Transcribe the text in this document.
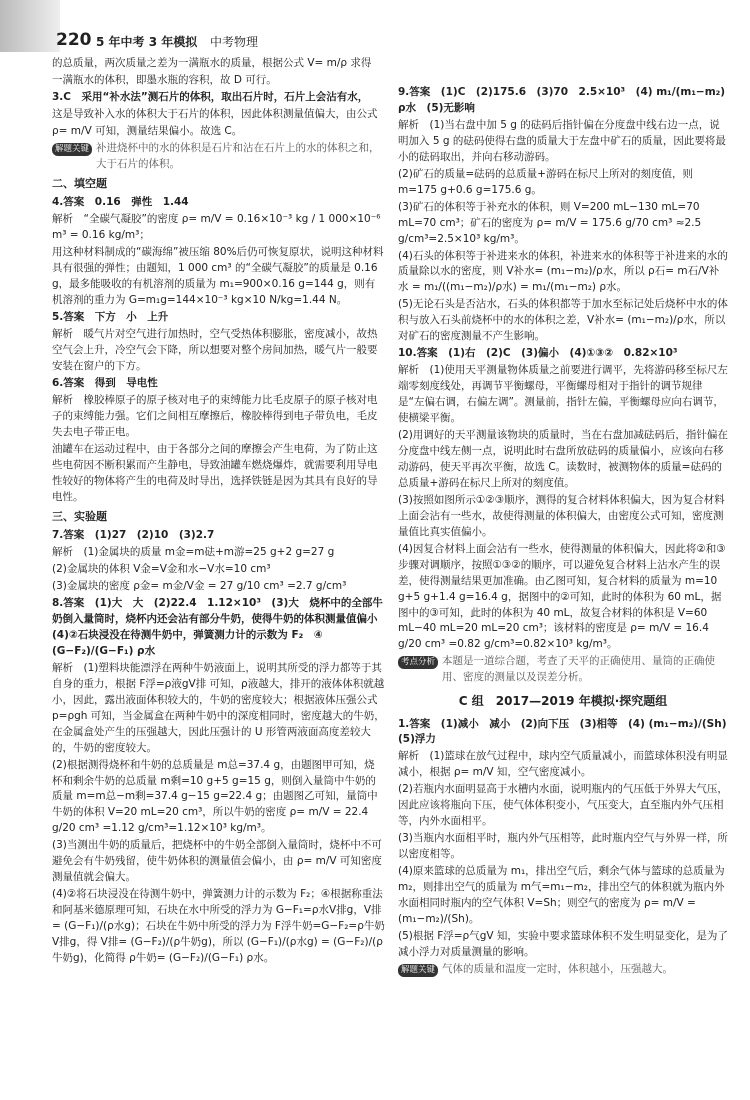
220 5 年中考 3 年模拟 中考物理

的总质量，两次质量之差为一满瓶水的质量，根据公式 V= m/ρ 求得

一满瓶水的体积，即墨水瓶的容积，故 D 可行。

3.C　采用“补水法”测石片的体积，取出石片时，石片上会沾有水，

这是导致补入水的体积大于石片的体积，因此体积测量值偏大，由公式

ρ= m/V 可知，测量结果偏小。故选 C。

解题关键 补进烧杯中的水的体积是石片和沾在石片上的水的体积之和，大于石片的体积。

二、填空题

4.答案　0.16　弹性　1.44

解析　“全碳气凝胶”的密度 ρ= m/V = 0.16×10⁻³ kg / 1 000×10⁻⁶ m³ = 0.16 kg/m³；

用这种材料制成的“碳海绵”被压缩 80%后仍可恢复原状，说明这种材料具有很强的弹性；由题知，1 000 cm³ 的“全碳气凝胶”的质量是 0.16 g，最多能吸收的有机溶剂的质量为 m₁=900×0.16 g=144 g，则有机溶剂的重力为 G=m₁g=144×10⁻³ kg×10 N/kg=1.44 N。

5.答案　下方　小　上升

解析　暖气片对空气进行加热时，空气受热体积膨胀，密度减小，故热空气会上升，冷空气会下降，所以想要对整个房间加热，暖气片一般要安装在窗户的下方。

6.答案　得到　导电性

解析　橡胶棒原子的原子核对电子的束缚能力比毛皮原子的原子核对电子的束缚能力强。它们之间相互摩擦后，橡胶棒得到电子带负电，毛皮失去电子带正电。

油罐车在运动过程中，由于各部分之间的摩擦会产生电荷，为了防止这些电荷因不断积累而产生静电，导致油罐车燃烧爆炸，就需要利用导电性较好的物体将产生的电荷及时导出，选择铁链是因为其具有良好的导电性。

三、实验题

7.答案　(1)27　(2)10　(3)2.7

解析　(1)金属块的质量 m金=m砝+m游=25 g+2 g=27 g

(2)金属块的体积 V金=V金和水−V水=10 cm³

(3)金属块的密度 ρ金= m金/V金 = 27 g/10 cm³ =2.7 g/cm³

8.答案　(1)大　大　(2)22.4　1.12×10³　(3)大　烧杯中的全部牛奶倒入量筒时，烧杯内还会沾有部分牛奶，使得牛奶的体积测量值偏小　(4)②石块浸没在待测牛奶中，弹簧测力计的示数为 F₂　④ (G−F₂)/(G−F₁) ρ水

解析　(1)塑料块能漂浮在两种牛奶液面上，说明其所受的浮力都等于其自身的重力，根据 F浮=ρ液gV排 可知，ρ液越大，排开的液体体积就越小，因此，露出液面体积较大的，牛奶的密度较大；根据液体压强公式 p=ρgh 可知，当金属盒在两种牛奶中的深度相同时，密度越大的牛奶，在金属盒处产生的压强越大，因此压强计的 U 形管两液面高度差较大的，牛奶的密度较大。

(2)根据测得烧杯和牛奶的总质量是 m总=37.4 g，由题图甲可知，烧杯和剩余牛奶的总质量 m剩=10 g+5 g=15 g，则倒入量筒中牛奶的质量 m=m总−m剩=37.4 g−15 g=22.4 g；由题图乙可知，量筒中牛奶的体积 V=20 mL=20 cm³，所以牛奶的密度 ρ= m/V = 22.4 g/20 cm³ =1.12 g/cm³=1.12×10³ kg/m³。

(3)当测出牛奶的质量后，把烧杯中的牛奶全部倒入量筒时，烧杯中不可避免会有牛奶残留，使牛奶体积的测量值会偏小，由 ρ= m/V 可知密度测量值就会偏大。

(4)②将石块浸没在待测牛奶中，弹簧测力计的示数为 F₂；④根据称重法和阿基米德原理可知，石块在水中所受的浮力为 G−F₁=ρ水V排g，V排= (G−F₁)/(ρ水g)；石块在牛奶中所受的浮力为 F浮牛奶=G−F₂=ρ牛奶V排g，得 V排= (G−F₂)/(ρ牛奶g)，所以 (G−F₁)/(ρ水g) = (G−F₂)/(ρ牛奶g)，化简得 ρ牛奶= (G−F₂)/(G−F₁) ρ水。

9.答案　(1)C　(2)175.6　(3)70　2.5×10³　(4) m₁/(m₁−m₂) ρ水　(5)无影响

解析　(1)当右盘中加 5 g 的砝码后指针偏在分度盘中线右边一点，说明加入 5 g 的砝码使得右盘的质量大于左盘中矿石的质量，因此要将最小的砝码取出，并向右移动游码。

(2)矿石的质量=砝码的总质量+游码在标尺上所对的刻度值，则 m=175 g+0.6 g=175.6 g。

(3)矿石的体积等于补充水的体积，则 V=200 mL−130 mL=70 mL=70 cm³；矿石的密度为 ρ= m/V = 175.6 g/70 cm³ ≈2.5 g/cm³=2.5×10³ kg/m³。

(4)石头的体积等于补进来水的体积，补进来水的体积等于补进来的水的质量除以水的密度，则 V补水= (m₁−m₂)/ρ水，所以 ρ石= m石/V补水 = m₁/((m₁−m₂)/ρ水) = m₁/(m₁−m₂) ρ水。

(5)无论石头是否沾水，石头的体积都等于加水至标记处后烧杯中水的体积与放入石头前烧杯中的水的体积之差，V补水= (m₁−m₂)/ρ水，所以对矿石的密度测量不产生影响。

10.答案　(1)右　(2)C　(3)偏小　(4)①③②　0.82×10³

解析　(1)使用天平测量物体质量之前要进行调平，先将游码移至标尺左端零刻度线处，再调节平衡螺母，平衡螺母相对于指针的调节规律是“左偏右调，右偏左调”。测量前，指针左偏，平衡螺母应向右调节，使横梁平衡。

(2)用调好的天平测量该物块的质量时，当在右盘加减砝码后，指针偏在分度盘中线左侧一点，说明此时右盘所放砝码的质量偏小，应该向右移动游码，使天平再次平衡，故选 C。读数时，被测物体的质量=砝码的总质量+游码在标尺上所对的刻度值。

(3)按照如图所示①②③顺序，测得的复合材料体积偏大，因为复合材料上面会沾有一些水，故使得测量的体积偏大，由密度公式可知，密度测量值比真实值偏小。

(4)因复合材料上面会沾有一些水，使得测量的体积偏大，因此将②和③步骤对调顺序，按照①③②的顺序，可以避免复合材料上沾水产生的误差，使得测量结果更加准确。由乙图可知，复合材料的质量为 m=10 g+5 g+1.4 g=16.4 g，据图中的②可知，此时的体积为 60 mL，据图中的③可知，此时的体积为 40 mL，故复合材料的体积是 V=60 mL−40 mL=20 mL=20 cm³；该材料的密度是 ρ= m/V = 16.4 g/20 cm³ =0.82 g/cm³=0.82×10³ kg/m³。

考点分析 本题是一道综合题，考查了天平的正确使用、量筒的正确使用、密度的测量以及误差分析。

C 组　2017—2019 年模拟·探究题组

1.答案　(1)减小　减小　(2)向下压　(3)相等　(4) (m₁−m₂)/(Sh)　(5)浮力

解析　(1)篮球在放气过程中，球内空气质量减小，而篮球体积没有明显减小，根据 ρ= m/V 知，空气密度减小。

(2)若瓶内水面明显高于水槽内水面，说明瓶内的气压低于外界大气压，因此应该将瓶向下压，使气体体积变小，气压变大，直至瓶内外气压相等，内外水面相平。

(3)当瓶内水面相平时，瓶内外气压相等，此时瓶内空气与外界一样，所以密度相等。

(4)原来篮球的总质量为 m₁，排出空气后，剩余气体与篮球的总质量为 m₂，则排出空气的质量为 m气=m₁−m₂，排出空气的体积就为瓶内外水面相同时瓶内的空气体积 V=Sh；则空气的密度为 ρ= m/V = (m₁−m₂)/(Sh)。

(5)根据 F浮=ρ气gV 知，实验中要求篮球体积不发生明显变化，是为了减小浮力对质量测量的影响。

解题关键 气体的质量和温度一定时，体积越小，压强越大。
